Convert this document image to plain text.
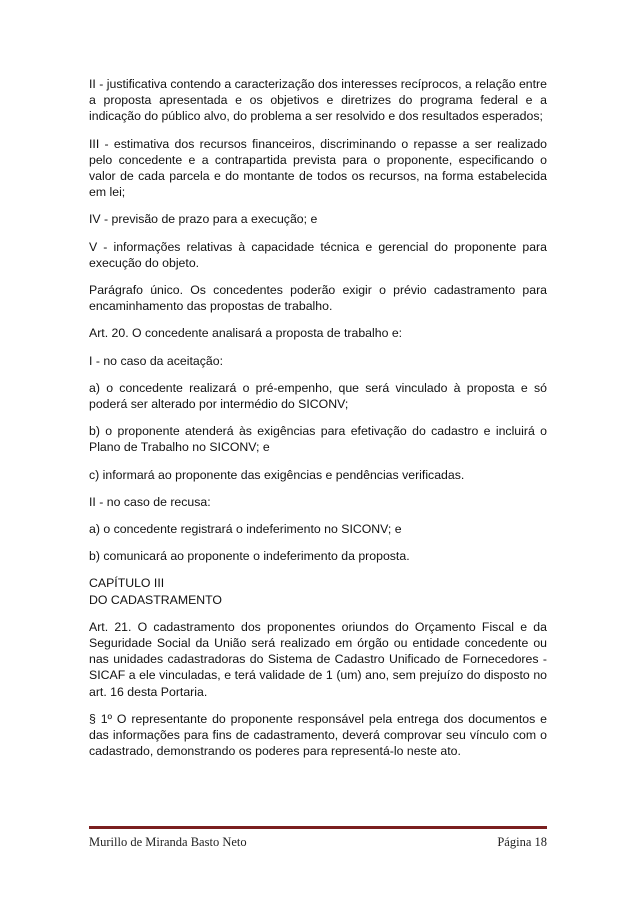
II - justificativa contendo a caracterização dos interesses recíprocos, a relação entre a proposta apresentada e os objetivos e diretrizes do programa federal e a indicação do público alvo, do problema a ser resolvido e dos resultados esperados;

III - estimativa dos recursos financeiros, discriminando o repasse a ser realizado pelo concedente e a contrapartida prevista para o proponente, especificando o valor de cada parcela e do montante de todos os recursos, na forma estabelecida em lei;

IV - previsão de prazo para a execução; e

V - informações relativas à capacidade técnica e gerencial do proponente para execução do objeto.

Parágrafo único. Os concedentes poderão exigir o prévio cadastramento para encaminhamento das propostas de trabalho.

Art. 20. O concedente analisará a proposta de trabalho e:

I - no caso da aceitação:

a) o concedente realizará o pré-empenho, que será vinculado à proposta e só poderá ser alterado por intermédio do SICONV;

b) o proponente atenderá às exigências para efetivação do cadastro e incluirá o Plano de Trabalho no SICONV; e

c) informará ao proponente das exigências e pendências verificadas.

II - no caso de recusa:

a) o concedente registrará o indeferimento no SICONV; e

b) comunicará ao proponente o indeferimento da proposta.

CAPÍTULO III
DO CADASTRAMENTO

Art. 21. O cadastramento dos proponentes oriundos do Orçamento Fiscal e da Seguridade Social da União será realizado em órgão ou entidade concedente ou nas unidades cadastradoras do Sistema de Cadastro Unificado de Fornecedores - SICAF a ele vinculadas, e terá validade de 1 (um) ano, sem prejuízo do disposto no art. 16 desta Portaria.

§ 1º O representante do proponente responsável pela entrega dos documentos e das informações para fins de cadastramento, deverá comprovar seu vínculo com o cadastrado, demonstrando os poderes para representá-lo neste ato.

Murillo de Miranda Basto Neto	Página 18
